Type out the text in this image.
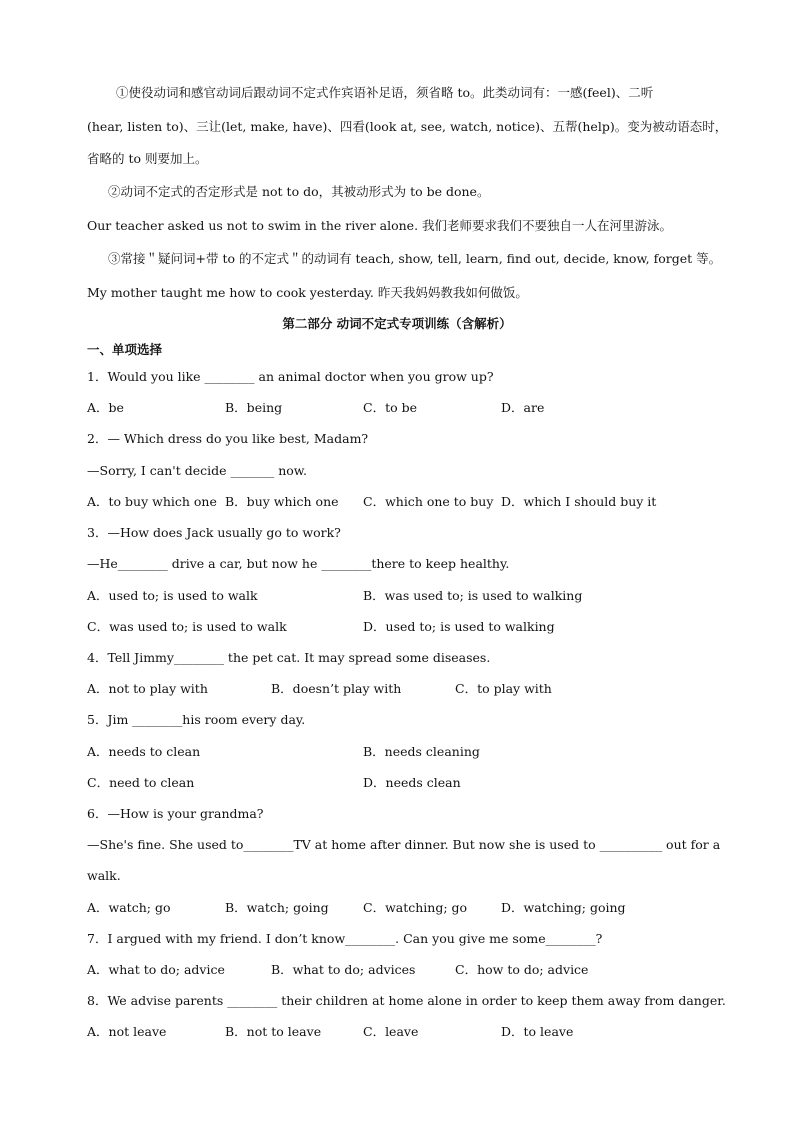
①使役动词和感官动词后跟动词不定式作宾语补足语，须省略 to。此类动词有：一感(feel)、二听
(hear, listen to)、三让(let, make, have)、四看(look at, see, watch, notice)、五帮(help)。变为被动语态时，
省略的 to 则要加上。
②动词不定式的否定形式是 not to do，其被动形式为 to be done。
Our teacher asked us not to swim in the river alone. 我们老师要求我们不要独自一人在河里游泳。
③常接＂疑问词+带 to 的不定式＂的动词有 teach, show, tell, learn, find out, decide, know, forget 等。
My mother taught me how to cook yesterday. 昨天我妈妈教我如何做饭。
第二部分 动词不定式专项训练（含解析）
一、单项选择
1．Would you like ________ an animal doctor when you grow up?
A．be	B．being	C．to be	D．are
2．— Which dress do you like best, Madam?
—Sorry, I can't decide _______ now.
A．to buy which one B．buy which one C．which one to buy D．which I should buy it
3．—How does Jack usually go to work?
—He________ drive a car, but now he ________there to keep healthy.
A．used to; is used to walk	B．was used to; is used to walking
C．was used to; is used to walk	D．used to; is used to walking
4．Tell Jimmy________ the pet cat. It may spread some diseases.
A．not to play with	B．doesn’t play with	C．to play with
5．Jim ________his room every day.
A．needs to clean	B．needs cleaning
C．need to clean	D．needs clean
6．—How is your grandma?
—She's fine. She used to________TV at home after dinner. But now she is used to __________ out for a
walk.
A．watch; go	B．watch; going	C．watching; go	D．watching; going
7．I argued with my friend. I don’t know________. Can you give me some________?
A．what to do; advice	B．what to do; advices	C．how to do; advice
8．We advise parents ________ their children at home alone in order to keep them away from danger.
A．not leave	B．not to leave	C．leave	D．to leave
